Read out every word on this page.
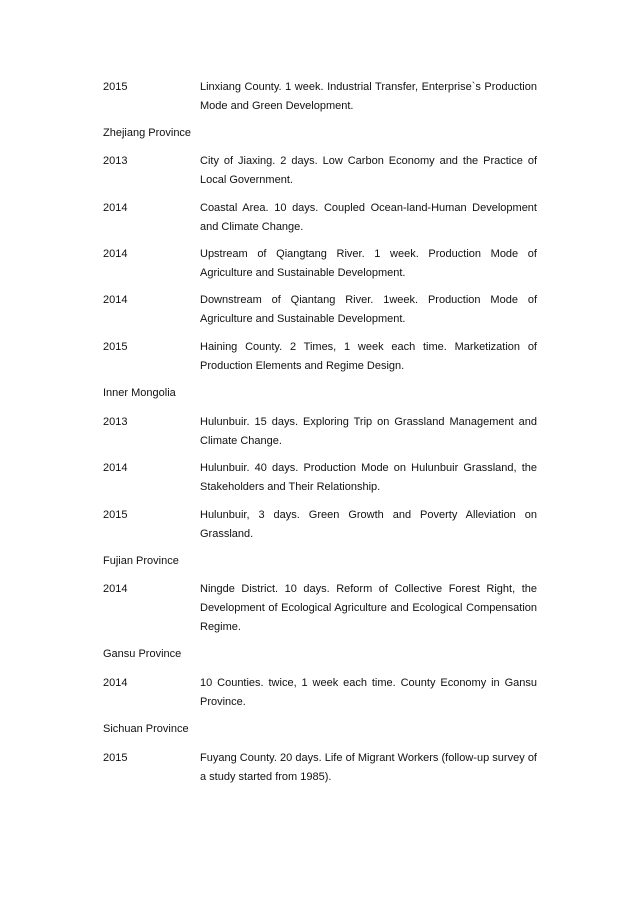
2015	Linxiang County. 1 week. Industrial Transfer, Enterprise`s Production Mode and Green Development.
Zhejiang Province
2013	City of Jiaxing. 2 days. Low Carbon Economy and the Practice of Local Government.
2014	Coastal Area. 10 days. Coupled Ocean-land-Human Development and Climate Change.
2014	Upstream of Qiangtang River. 1 week. Production Mode of Agriculture and Sustainable Development.
2014	Downstream of Qiantang River. 1week. Production Mode of Agriculture and Sustainable Development.
2015	Haining County. 2 Times, 1 week each time. Marketization of Production Elements and Regime Design.
Inner Mongolia
2013	Hulunbuir. 15 days. Exploring Trip on Grassland Management and Climate Change.
2014	Hulunbuir. 40 days. Production Mode on Hulunbuir Grassland, the Stakeholders and Their Relationship.
2015	Hulunbuir, 3 days. Green Growth and Poverty Alleviation on Grassland.
Fujian Province
2014	Ningde District. 10 days. Reform of Collective Forest Right, the Development of Ecological Agriculture and Ecological Compensation Regime.
Gansu Province
2014	10 Counties. twice, 1 week each time. County Economy in Gansu Province.
Sichuan Province
2015	Fuyang County. 20 days. Life of Migrant Workers (follow-up survey of a study started from 1985).
